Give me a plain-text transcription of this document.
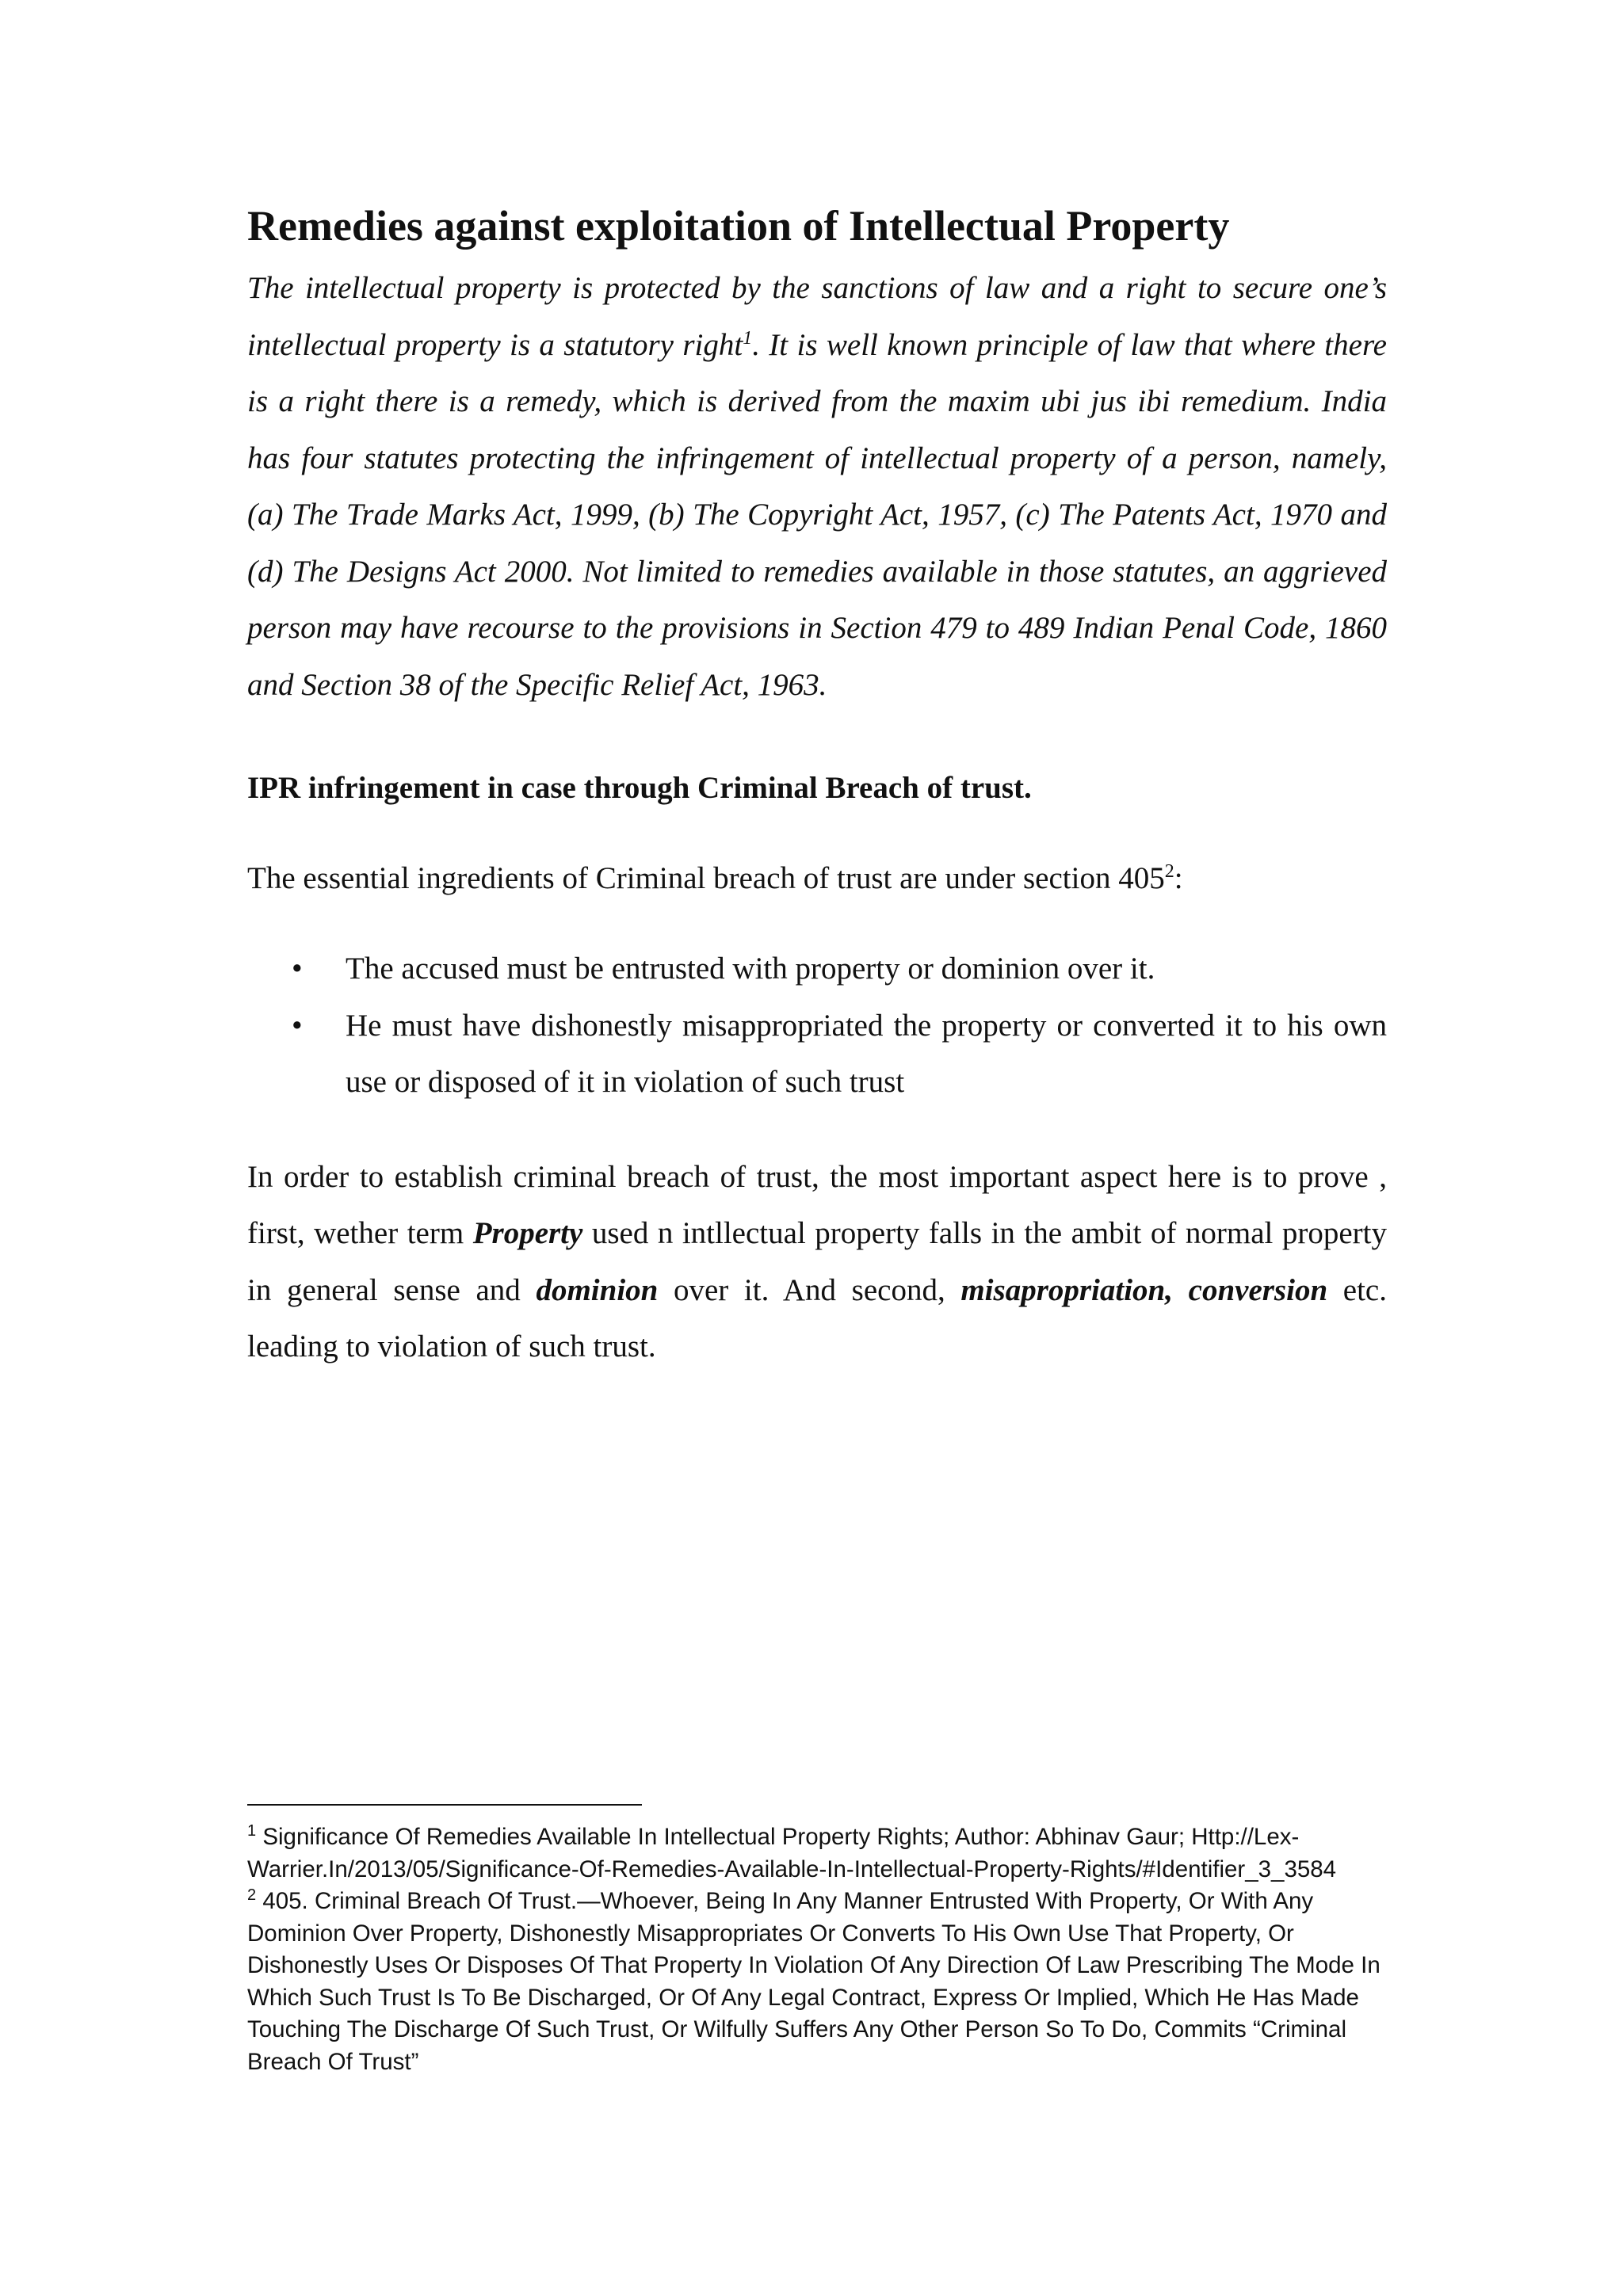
Remedies against exploitation of Intellectual Property

The intellectual property is protected by the sanctions of law and a right to secure one’s intellectual property is a statutory right$^1$. It is well known principle of law that where there is a right there is a remedy, which is derived from the maxim ubi jus ibi remedium. India has four statutes protecting the infringement of intellectual property of a person, namely, (a) The Trade Marks Act, 1999, (b) The Copyright Act, 1957, (c) The Patents Act, 1970 and (d) The Designs Act 2000. Not limited to remedies available in those statutes, an aggrieved person may have recourse to the provisions in Section 479 to 489 Indian Penal Code, 1860 and Section 38 of the Specific Relief Act, 1963.

IPR infringement in case through Criminal Breach of trust.

The essential ingredients of Criminal breach of trust are under section $405^2$:

• The accused must be entrusted with property or dominion over it.
• He must have dishonestly misappropriated the property or converted it to his own use or disposed of it in violation of such trust

In order to establish criminal breach of trust, the most important aspect here is to prove , first, wether term Property used n intllectual property falls in the ambit of normal property in general sense and dominion over it. And second, misapropriation, conversion etc. leading to violation of such trust.

$^1$ Significance Of Remedies Available In Intellectual Property Rights; Author: Abhinav Gaur; Http://Lex-Warrier.In/2013/05/Significance-Of-Remedies-Available-In-Intellectual-Property-Rights/#Identifier_3_3584

$^2$ 405. Criminal Breach Of Trust.—Whoever, Being In Any Manner Entrusted With Property, Or With Any Dominion Over Property, Dishonestly Misappropriates Or Converts To His Own Use That Property, Or Dishonestly Uses Or Disposes Of That Property In Violation Of Any Direction Of Law Prescribing The Mode In Which Such Trust Is To Be Discharged, Or Of Any Legal Contract, Express Or Implied, Which He Has Made Touching The Discharge Of Such Trust, Or Wilfully Suffers Any Other Person So To Do, Commits “Criminal Breach Of Trust”
